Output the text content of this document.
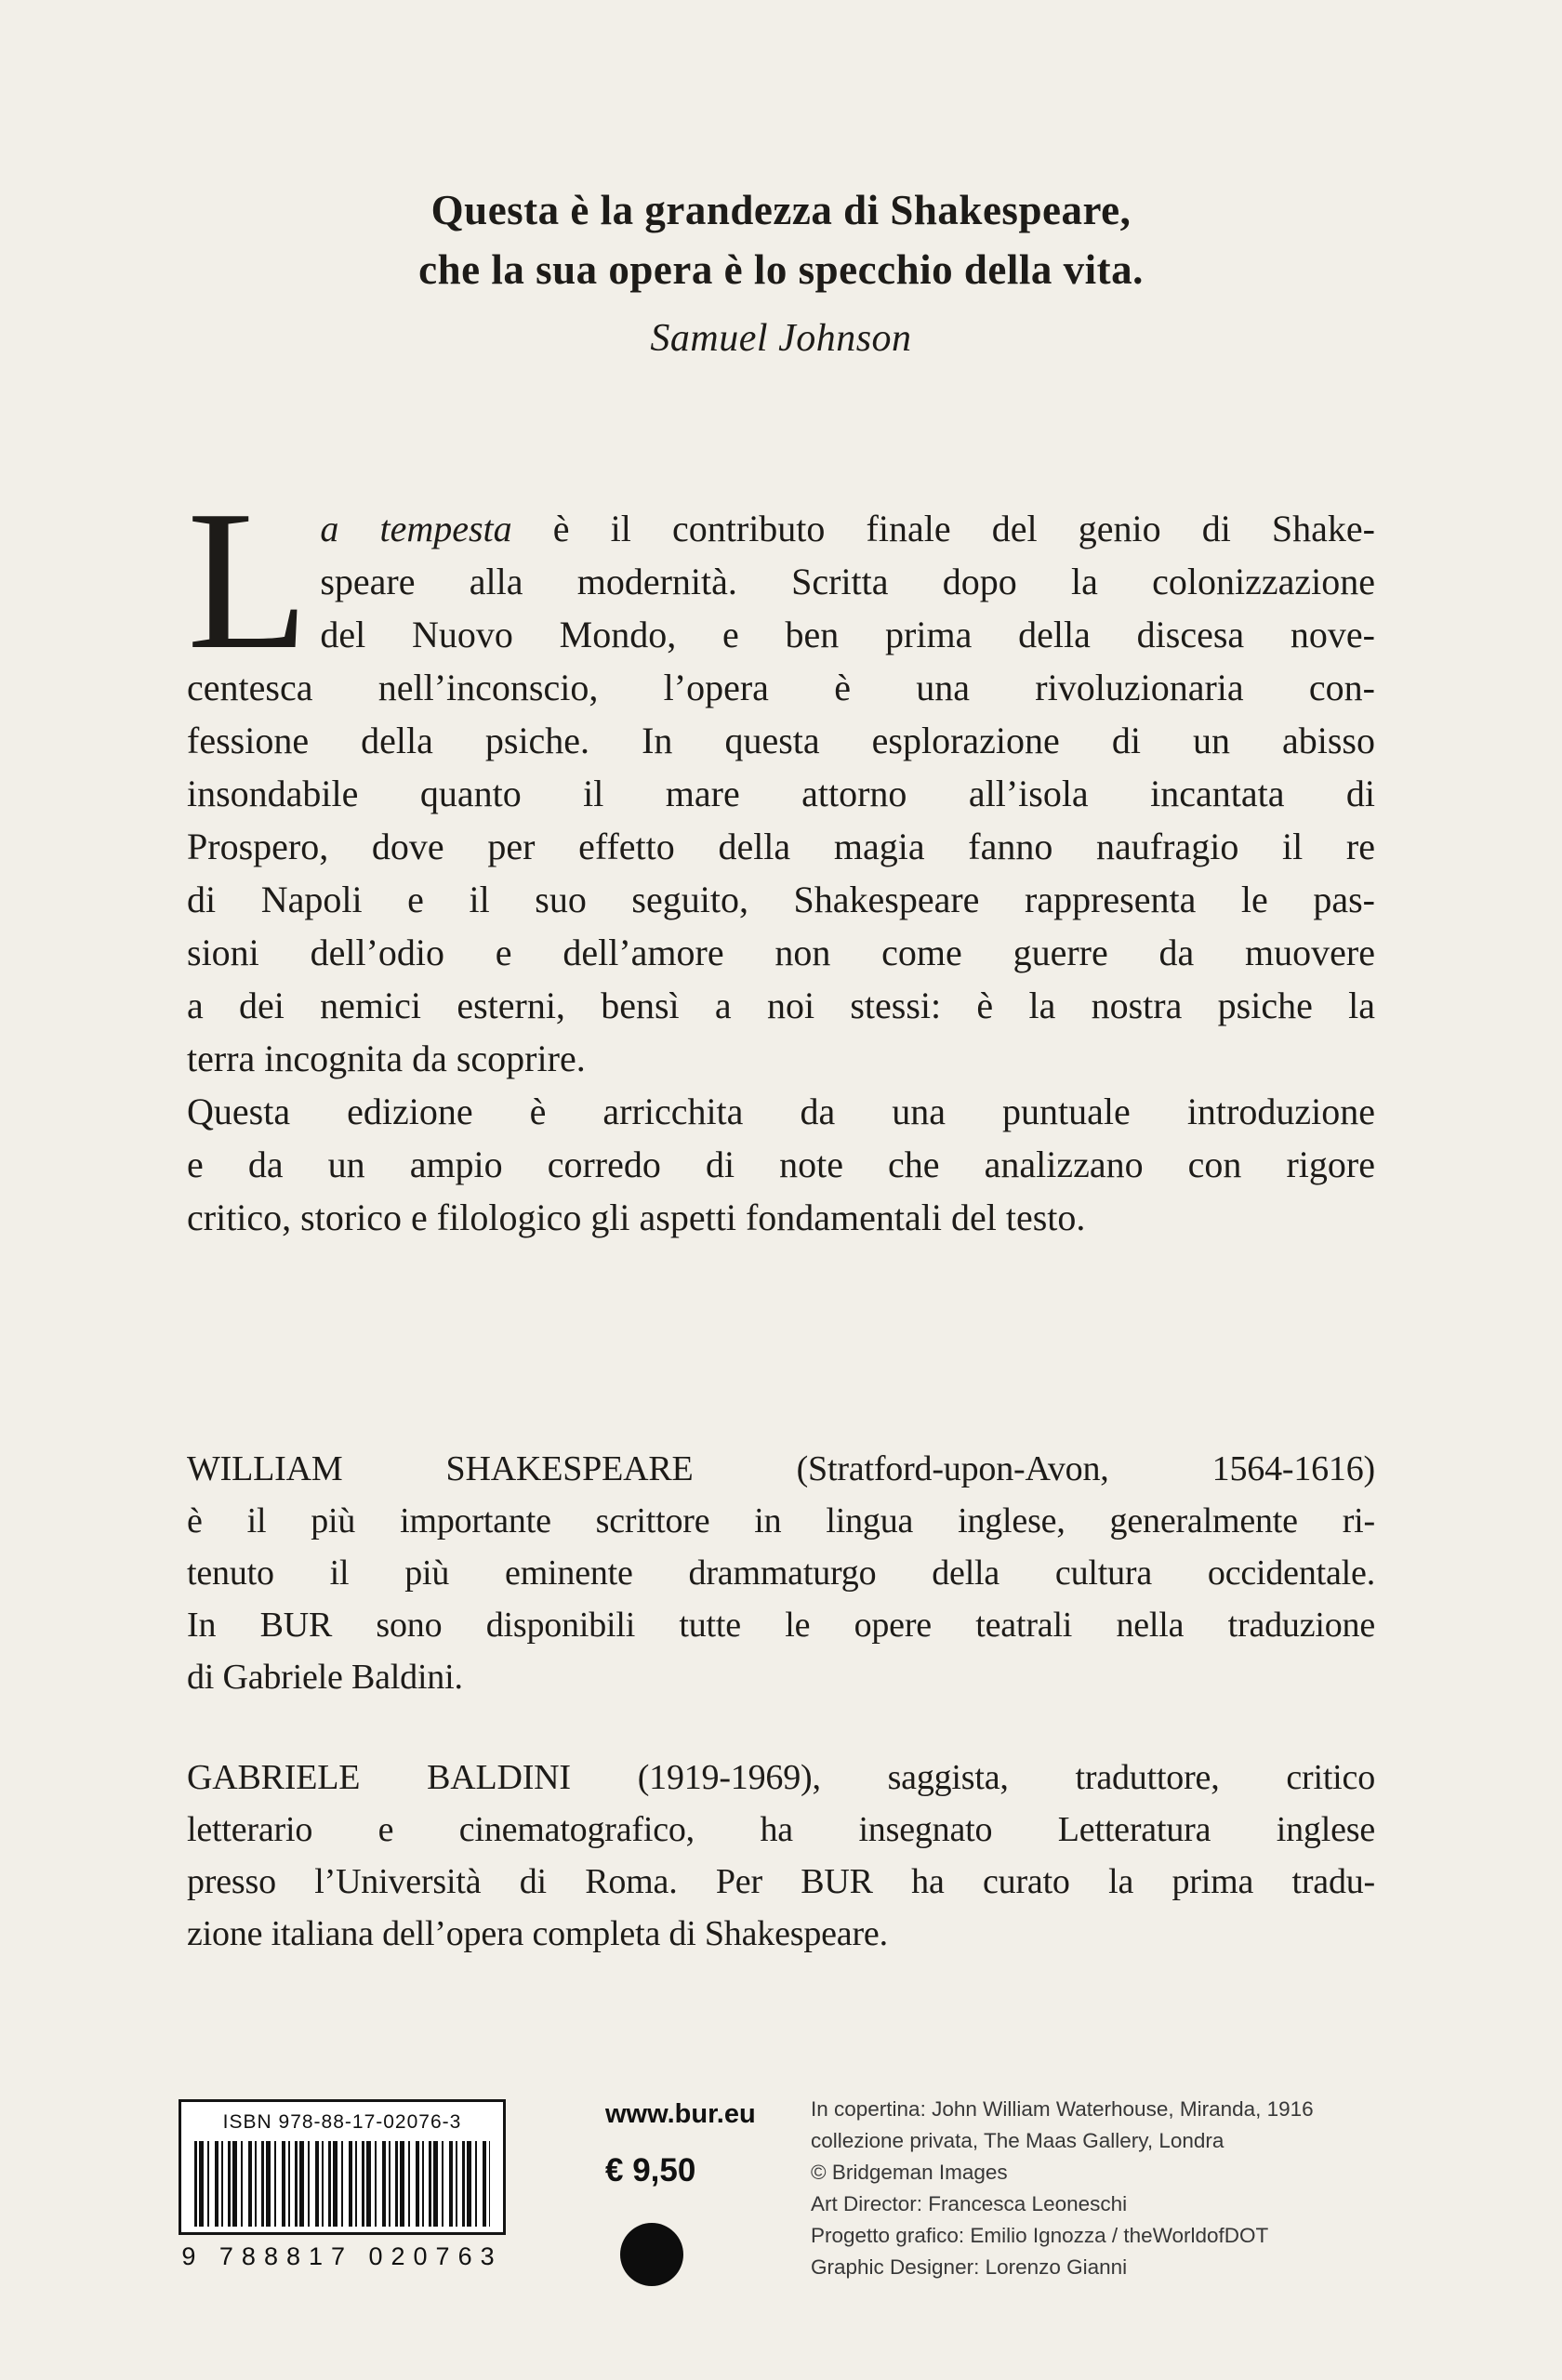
Questa è la grandezza di Shakespeare,
che la sua opera è lo specchio della vita.
Samuel Johnson
L a tempesta è il contributo finale del genio di Shake-
speare alla modernità. Scritta dopo la colonizzazione
del Nuovo Mondo, e ben prima della discesa nove-
centesca nell’inconscio, l’opera è una rivoluzionaria con-
fessione della psiche. In questa esplorazione di un abisso
insondabile quanto il mare attorno all’isola incantata di
Prospero, dove per effetto della magia fanno naufragio il re
di Napoli e il suo seguito, Shakespeare rappresenta le pas-
sioni dell’odio e dell’amore non come guerre da muovere
a dei nemici esterni, bensì a noi stessi: è la nostra psiche la
terra incognita da scoprire.
Questa edizione è arricchita da una puntuale introduzione
e da un ampio corredo di note che analizzano con rigore
critico, storico e filologico gli aspetti fondamentali del testo.
WILLIAM SHAKESPEARE (Stratford-upon-Avon, 1564-1616)
è il più importante scrittore in lingua inglese, generalmente ri-
tenuto il più eminente drammaturgo della cultura occidentale.
In BUR sono disponibili tutte le opere teatrali nella traduzione
di Gabriele Baldini.
GABRIELE BALDINI (1919-1969), saggista, traduttore, critico
letterario e cinematografico, ha insegnato Letteratura inglese
presso l’Università di Roma. Per BUR ha curato la prima tradu-
zione italiana dell’opera completa di Shakespeare.
ISBN 978-88-17-02076-3
9 788817 020763
www.bur.eu
€ 9,50
In copertina: John William Waterhouse, Miranda, 1916
collezione privata, The Maas Gallery, Londra
© Bridgeman Images
Art Director: Francesca Leoneschi
Progetto grafico: Emilio Ignozza / theWorldofDOT
Graphic Designer: Lorenzo Gianni
